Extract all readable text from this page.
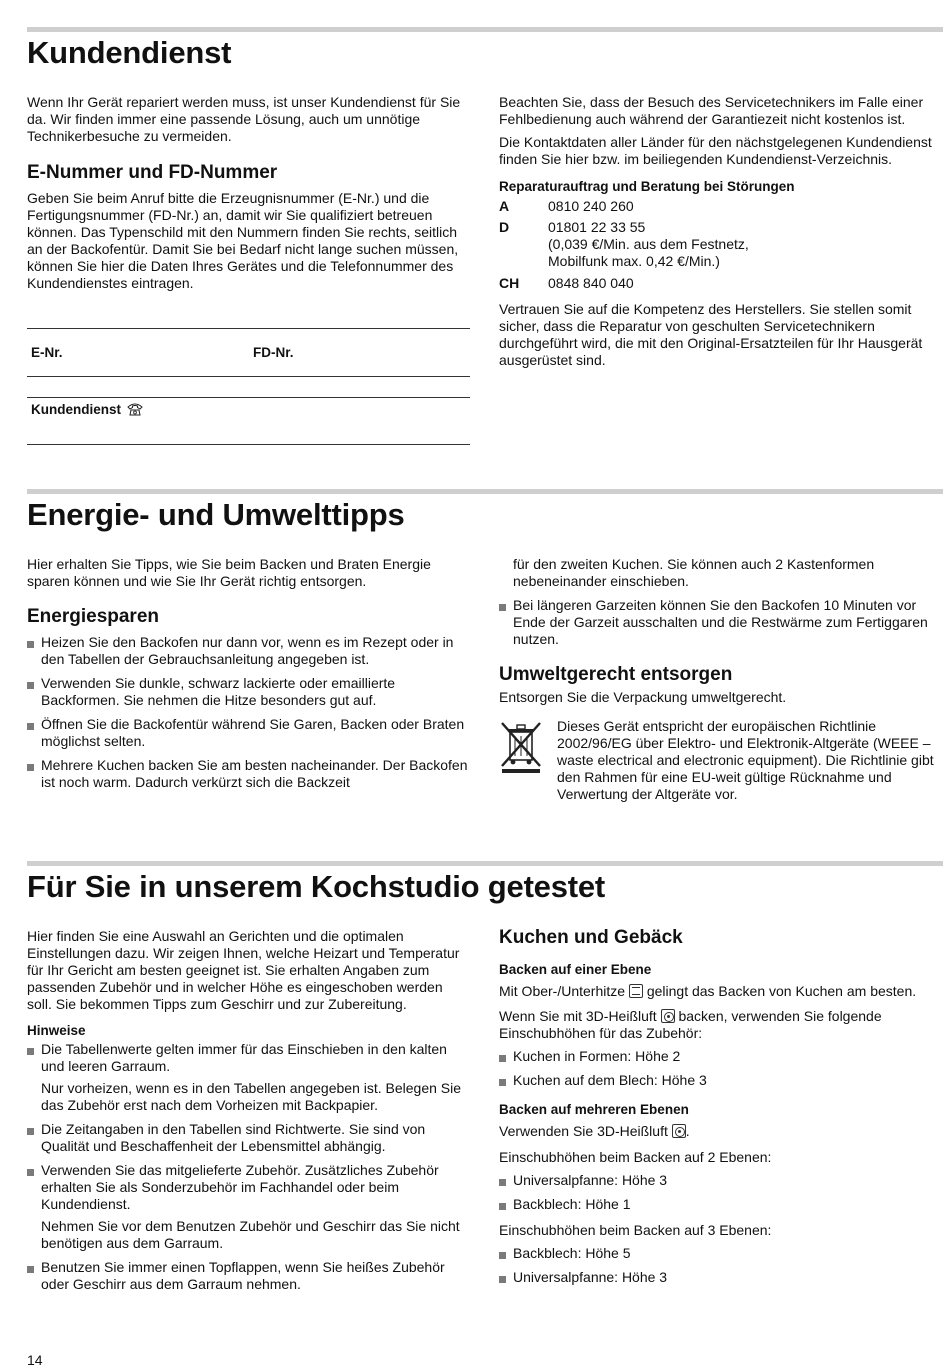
Kundendienst

Wenn Ihr Gerät repariert werden muss, ist unser Kundendienst für Sie da. Wir finden immer eine passende Lösung, auch um unnötige Technikerbesuche zu vermeiden.

E-Nummer und FD-Nummer

Geben Sie beim Anruf bitte die Erzeugnisnummer (E-Nr.) und die Fertigungsnummer (FD-Nr.) an, damit wir Sie qualifiziert betreuen können. Das Typenschild mit den Nummern finden Sie rechts, seitlich an der Backofentür. Damit Sie bei Bedarf nicht lange suchen müssen, können Sie hier die Daten Ihres Gerätes und die Telefonnummer des Kundendienstes eintragen.

E-Nr.	FD-Nr.
Kundendienst

Beachten Sie, dass der Besuch des Servicetechnikers im Falle einer Fehlbedienung auch während der Garantiezeit nicht kostenlos ist.

Die Kontaktdaten aller Länder für den nächstgelegenen Kundendienst finden Sie hier bzw. im beiliegenden Kundendienst-Verzeichnis.

Reparaturauftrag und Beratung bei Störungen
A	0810 240 260
D	01801 22 33 55
(0,039 €/Min. aus dem Festnetz, Mobilfunk max. 0,42 €/Min.)

CH	0848 840 040

Vertrauen Sie auf die Kompetenz des Herstellers. Sie stellen somit sicher, dass die Reparatur von geschulten Servicetechnikern durchgeführt wird, die mit den Original-Ersatzteilen für Ihr Hausgerät ausgerüstet sind.

Energie- und Umwelttipps

Hier erhalten Sie Tipps, wie Sie beim Backen und Braten Energie sparen können und wie Sie Ihr Gerät richtig entsorgen.

Energiesparen
Heizen Sie den Backofen nur dann vor, wenn es im Rezept oder in den Tabellen der Gebrauchsanleitung angegeben ist.
Verwenden Sie dunkle, schwarz lackierte oder emaillierte Backformen. Sie nehmen die Hitze besonders gut auf.
Öffnen Sie die Backofentür während Sie Garen, Backen oder Braten möglichst selten.
Mehrere Kuchen backen Sie am besten nacheinander. Der Backofen ist noch warm. Dadurch verkürzt sich die Backzeit

für den zweiten Kuchen. Sie können auch 2 Kastenformen nebeneinander einschieben.

Bei längeren Garzeiten können Sie den Backofen 10 Minuten vor Ende der Garzeit ausschalten und die Restwärme zum Fertiggaren nutzen.
Umweltgerecht entsorgen

Entsorgen Sie die Verpackung umweltgerecht.

Dieses Gerät entspricht der europäischen Richtlinie 2002/96/EG über Elektro- und Elektronik-Altgeräte (WEEE – waste electrical and electronic equipment). Die Richtlinie gibt den Rahmen für eine EU-weit gültige Rücknahme und Verwertung der Altgeräte vor.

Für Sie in unserem Kochstudio getestet

Hier finden Sie eine Auswahl an Gerichten und die optimalen Einstellungen dazu. Wir zeigen Ihnen, welche Heizart und Temperatur für Ihr Gericht am besten geeignet ist. Sie erhalten Angaben zum passenden Zubehör und in welcher Höhe es eingeschoben werden soll. Sie bekommen Tipps zum Geschirr und zur Zubereitung.

Hinweise
Die Tabellenwerte gelten immer für das Einschieben in den kalten und leeren Garraum.
Nur vorheizen, wenn es in den Tabellen angegeben ist. Belegen Sie das Zubehör erst nach dem Vorheizen mit Backpapier.
Die Zeitangaben in den Tabellen sind Richtwerte. Sie sind von Qualität und Beschaffenheit der Lebensmittel abhängig.
Verwenden Sie das mitgelieferte Zubehör. Zusätzliches Zubehör erhalten Sie als Sonderzubehör im Fachhandel oder beim Kundendienst.
Nehmen Sie vor dem Benutzen Zubehör und Geschirr das Sie nicht benötigen aus dem Garraum.
Benutzen Sie immer einen Topflappen, wenn Sie heißes Zubehör oder Geschirr aus dem Garraum nehmen.
Kuchen und Gebäck
Backen auf einer Ebene

Mit Ober-/Unterhitze gelingt das Backen von Kuchen am besten.

Wenn Sie mit 3D-Heißluft backen, verwenden Sie folgende Einschubhöhen für das Zubehör:

Kuchen in Formen: Höhe 2
Kuchen auf dem Blech: Höhe 3
Backen auf mehreren Ebenen

Verwenden Sie 3D-Heißluft .

Einschubhöhen beim Backen auf 2 Ebenen:

Universalpfanne: Höhe 3
Backblech: Höhe 1

Einschubhöhen beim Backen auf 3 Ebenen:

Backblech: Höhe 5
Universalpfanne: Höhe 3
14
